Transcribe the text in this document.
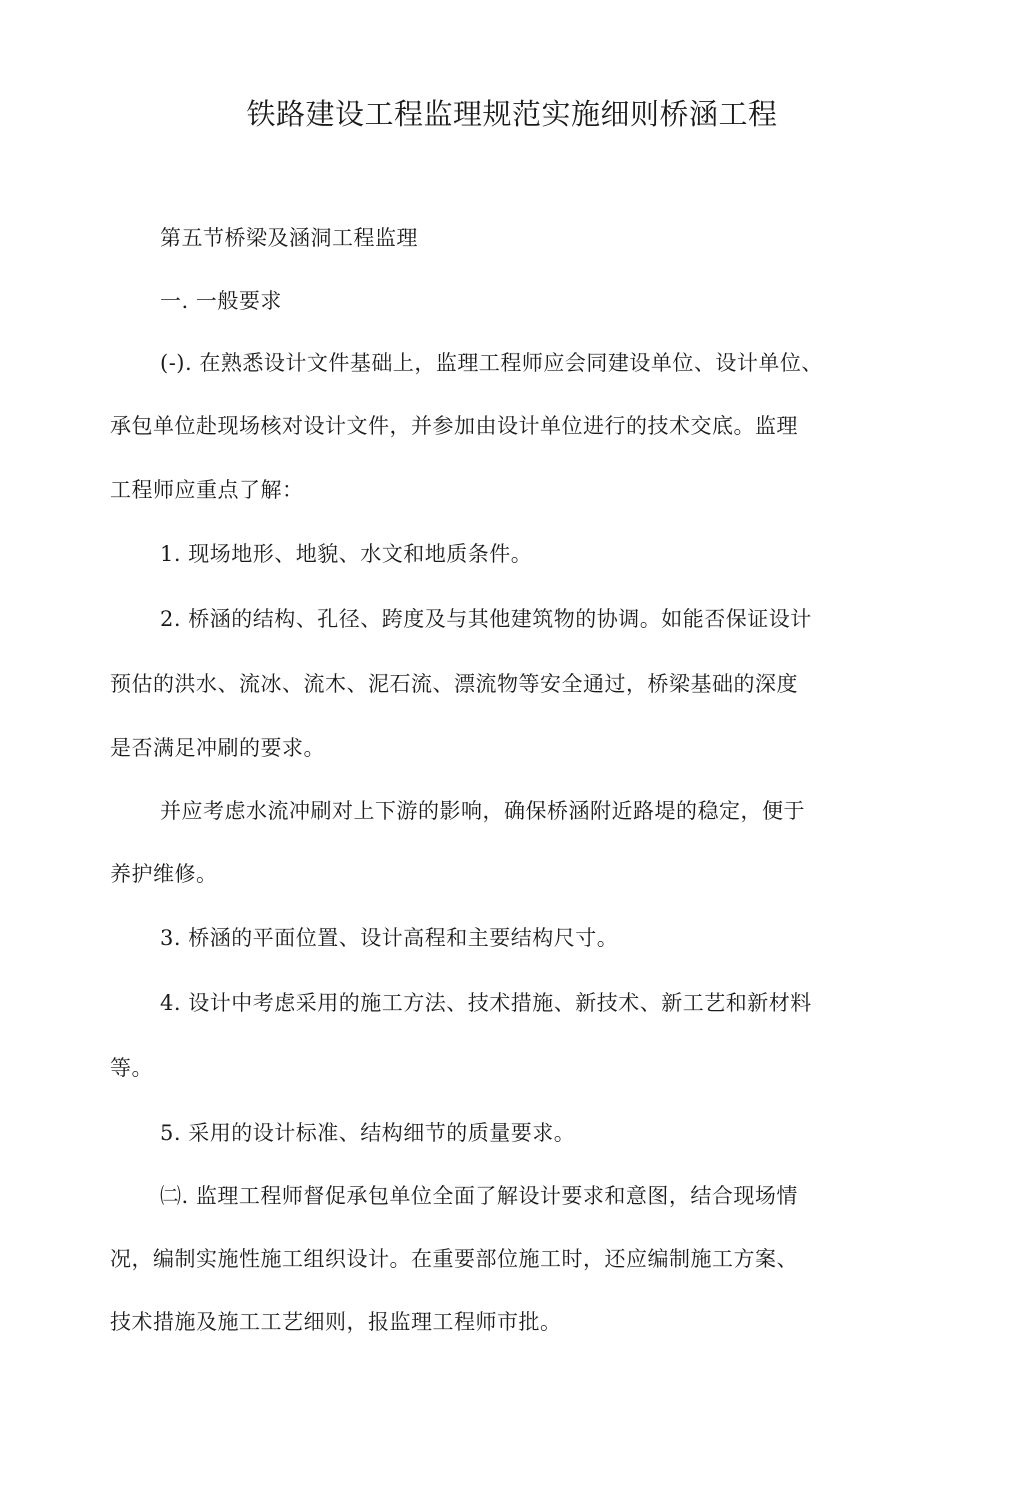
铁路建设工程监理规范实施细则桥涵工程
第五节桥梁及涵洞工程监理
一. 一般要求
(-). 在熟悉设计文件基础上，监理工程师应会同建设单位、设计单位、
承包单位赴现场核对设计文件，并参加由设计单位进行的技术交底。监理
工程师应重点了解：
1. 现场地形、地貌、水文和地质条件。
2. 桥涵的结构、孔径、跨度及与其他建筑物的协调。如能否保证设计
预估的洪水、流冰、流木、泥石流、漂流物等安全通过，桥梁基础的深度
是否满足冲刷的要求。
并应考虑水流冲刷对上下游的影响，确保桥涵附近路堤的稳定，便于
养护维修。
3. 桥涵的平面位置、设计高程和主要结构尺寸。
4. 设计中考虑采用的施工方法、技术措施、新技术、新工艺和新材料
等。
5. 采用的设计标准、结构细节的质量要求。
㈡. 监理工程师督促承包单位全面了解设计要求和意图，结合现场情
况，编制实施性施工组织设计。在重要部位施工时，还应编制施工方案、
技术措施及施工工艺细则，报监理工程师市批。
